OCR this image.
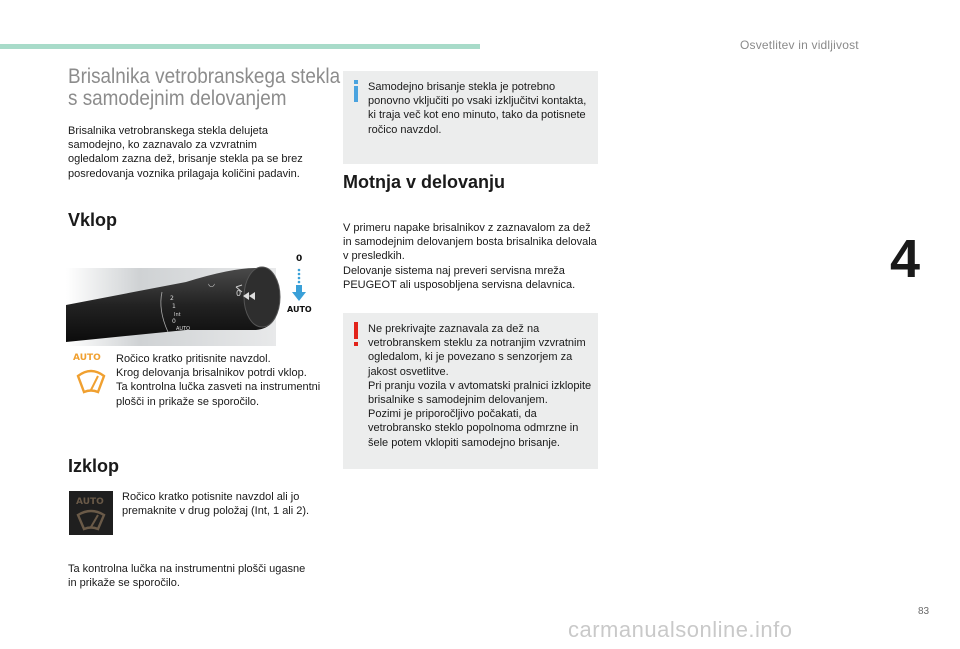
Osvetlitev in vidljivost
4
Brisalnika vetrobranskega stekla
s samodejnim delovanjem
Brisalnika vetrobranskega stekla delujeta samodejno, ko zaznavalo za vzvratnim ogledalom zazna dež, brisanje stekla pa se brez posredovanja voznika prilagaja količini padavin.
Vklop
0
2
1
Int
0
AUTO
◡
0
AUTO
AUTO Ročico kratko pritisnite navzdol.
Krog delovanja brisalnikov potrdi vklop.
Ta kontrolna lučka zasveti na instrumentni plošči in prikaže se sporočilo.
Izklop
AUTO Ročico kratko potisnite navzdol ali jo premaknite v drug položaj (Int, 1 ali 2).
Ta kontrolna lučka na instrumentni plošči ugasne in prikaže se sporočilo.
Samodejno brisanje stekla je potrebno ponovno vključiti po vsaki izključitvi kontakta, ki traja več kot eno minuto, tako da potisnete ročico navzdol.
Motnja v delovanju
V primeru napake brisalnikov z zaznavalom za dež in samodejnim delovanjem bosta brisalnika delovala v presledkih.
Delovanje sistema naj preveri servisna mreža PEUGEOT ali usposobljena servisna delavnica.
Ne prekrivajte zaznavala za dež na vetrobranskem steklu za notranjim vzvratnim ogledalom, ki je povezano s senzorjem za jakost osvetlitve.
Pri pranju vozila v avtomatski pralnici izklopite brisalnike s samodejnim delovanjem.
Pozimi je priporočljivo počakati, da vetrobransko steklo popolnoma odmrzne in šele potem vklopiti samodejno brisanje.
83
carmanualsonline.info
